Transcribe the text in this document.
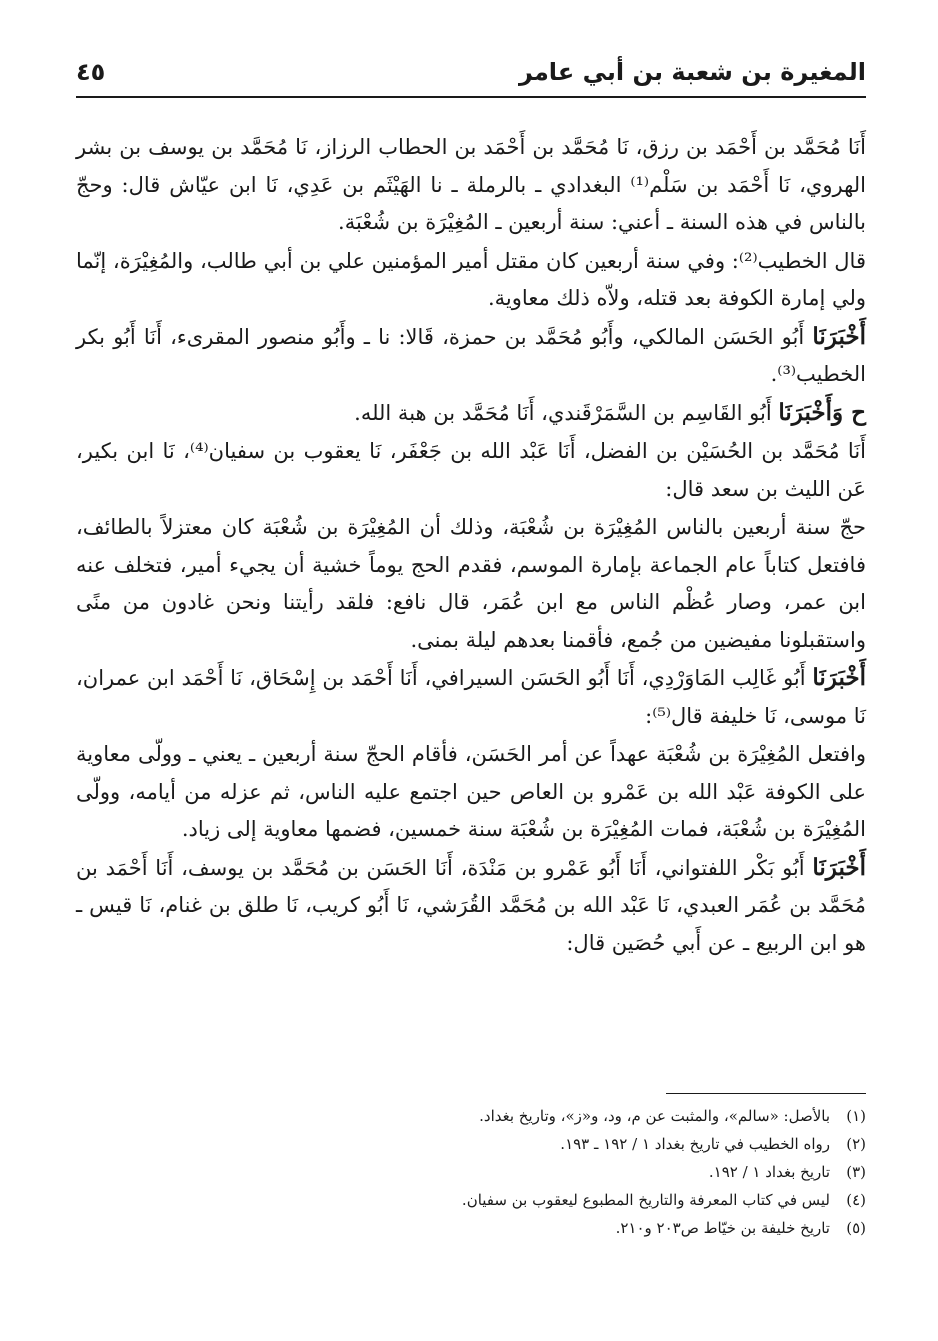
المغيرة بن شعبة بن أبي عامر
٤٥

أَنَا مُحَمَّد بن أَحْمَد بن رزق، نَا مُحَمَّد بن أَحْمَد بن الحطاب الرزاز، نَا مُحَمَّد بن يوسف بن بشر الهروي، نَا أَحْمَد بن سَلْم⁽¹⁾ البغدادي ـ بالرملة ـ نا الهَيْثَم بن عَدِي، نَا ابن عيّاش قال: وحجّ بالناس في هذه السنة ـ أعني: سنة أربعين ـ المُغِيْرَة بن شُعْبَة.

قال الخطيب⁽²⁾: وفي سنة أربعين كان مقتل أمير المؤمنين علي بن أبي طالب، والمُغِيْرَة، إنّما ولي إمارة الكوفة بعد قتله، ولاّه ذلك معاوية.

أَخْبَرَنَا أَبُو الحَسَن المالكي، وأَبُو مُحَمَّد بن حمزة، قَالا: نا ـ وأَبُو منصور المقرىء، أَنَا أَبُو بكر الخطيب⁽³⁾.

ح وَأَخْبَرَنَا أَبُو القَاسِم بن السَّمَرْقَندي، أَنَا مُحَمَّد بن هبة الله.

أَنَا مُحَمَّد بن الحُسَيْن بن الفضل، أَنَا عَبْد الله بن جَعْفَر، نَا يعقوب بن سفيان⁽⁴⁾، نَا ابن بكير، عَن الليث بن سعد قال:

حجّ سنة أربعين بالناس المُغِيْرَة بن شُعْبَة، وذلك أن المُغِيْرَة بن شُعْبَة كان معتزلاً بالطائف، فافتعل كتاباً عام الجماعة بإمارة الموسم، فقدم الحج يوماً خشية أن يجيء أمير، فتخلف عنه ابن عمر، وصار عُظْم الناس مع ابن عُمَر، قال نافع: فلقد رأيتنا ونحن غادون من منًى واستقبلونا مفيضين من جُمع، فأقمنا بعدهم ليلة بمنى.

أَخْبَرَنَا أَبُو غَالِب المَاوَرْدِي، أَنَا أَبُو الحَسَن السيرافي، أَنَا أَحْمَد بن إِسْحَاق، نَا أَحْمَد ابن عمران، نَا موسى، نَا خليفة قال⁽⁵⁾:

وافتعل المُغِيْرَة بن شُعْبَة عهداً عن أمر الحَسَن، فأقام الحجّ سنة أربعين ـ يعني ـ وولّى معاوية على الكوفة عَبْد الله بن عَمْرو بن العاص حين اجتمع عليه الناس، ثم عزله من أيامه، وولّى المُغِيْرَة بن شُعْبَة، فمات المُغِيْرَة بن شُعْبَة سنة خمسين، فضمها معاوية إلى زياد.

أَخْبَرَنَا أَبُو بَكْر اللفتواني، أَنَا أَبُو عَمْرو بن مَنْدَة، أَنَا الحَسَن بن مُحَمَّد بن يوسف، أَنَا أَحْمَد بن مُحَمَّد بن عُمَر العبدي، نَا عَبْد الله بن مُحَمَّد القُرَشي، نَا أَبُو كريب، نَا طلق بن غنام، نَا قيس ـ هو ابن الربيع ـ عن أَبي حُصَين قال:

(١)بالأصل: «سالم»، والمثبت عن م، ود، و«ز»، وتاريخ بغداد.

(٢)رواه الخطيب في تاريخ بغداد ١ / ١٩٢ ـ ١٩٣.

(٣)تاريخ بغداد ١ / ١٩٢.

(٤)ليس في كتاب المعرفة والتاريخ المطبوع ليعقوب بن سفيان.

(٥)تاريخ خليفة بن خيّاط ص٢٠٣ و٢١٠.
